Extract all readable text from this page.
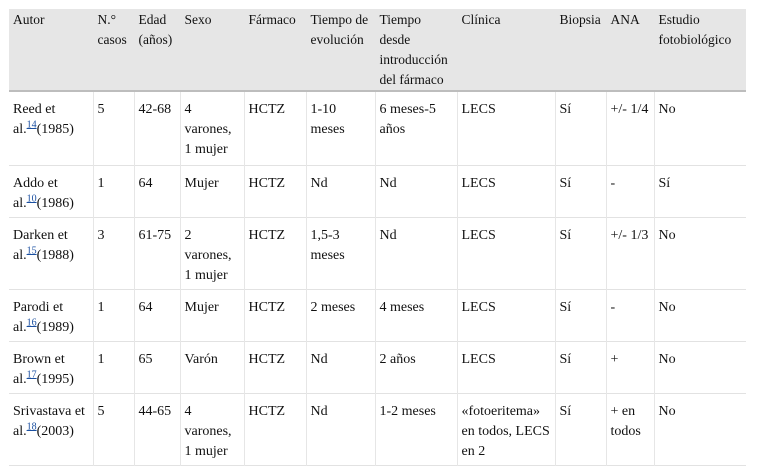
Autor	N.° casos	Edad (años)	Sexo	Fármaco	Tiempo de evolución	Tiempo desde introducción del fármaco	Clínica	Biopsia	ANA	Estudio fotobiológico
Reed et al.$^{14}$(1985)	5	42-68	4 varones, 1 mujer	HCTZ	1-10 meses	6 meses-5 años	LECS	Sí	+/- 1/4	No
Addo et al.$^{10}$(1986)	1	64	Mujer	HCTZ	Nd	Nd	LECS	Sí	-	Sí
Darken et al.$^{15}$(1988)	3	61-75	2 varones, 1 mujer	HCTZ	1,5-3 meses	Nd	LECS	Sí	+/- 1/3	No
Parodi et al.$^{16}$(1989)	1	64	Mujer	HCTZ	2 meses	4 meses	LECS	Sí	-	No
Brown et al.$^{17}$(1995)	1	65	Varón	HCTZ	Nd	2 años	LECS	Sí	+	No
Srivastava et al.$^{18}$(2003)	5	44-65	4 varones, 1 mujer	HCTZ	Nd	1-2 meses	«fotoeritema» en todos, LECS en 2	Sí	+ en todos	No
